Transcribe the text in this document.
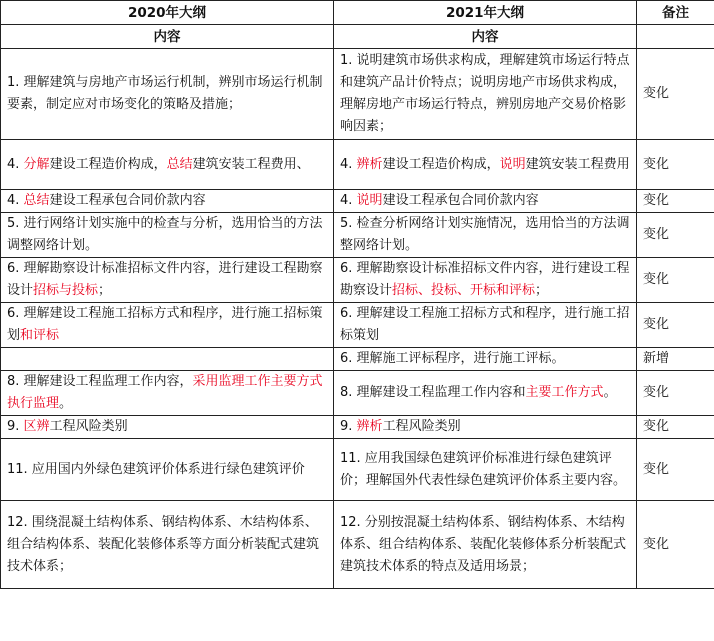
2020年大纲	2021年大纲	备注
内容	内容	
1. 理解建筑与房地产市场运行机制，辨别市场运行机制要素，制定应对市场变化的策略及措施；	1. 说明建筑市场供求构成，理解建筑市场运行特点和建筑产品计价特点；说明房地产市场供求构成，理解房地产市场运行特点，辨别房地产交易价格影响因素；	变化
4. 分解建设工程造价构成，总结建筑安装工程费用、	4. 辨析建设工程造价构成，说明建筑安装工程费用	变化
4. 总结建设工程承包合同价款内容	4. 说明建设工程承包合同价款内容	变化
5. 进行网络计划实施中的检查与分析，选用恰当的方法调整网络计划。	5. 检查分析网络计划实施情况，选用恰当的方法调整网络计划。	变化
6. 理解勘察设计标准招标文件内容，进行建设工程勘察设计招标与投标；	6. 理解勘察设计标准招标文件内容，进行建设工程勘察设计招标、投标、开标和评标；	变化
6. 理解建设工程施工招标方式和程序，进行施工招标策划和评标	6. 理解建设工程施工招标方式和程序，进行施工招标策划	变化
	6. 理解施工评标程序，进行施工评标。	新增
8. 理解建设工程监理工作内容，采用监理工作主要方式执行监理。	8. 理解建设工程监理工作内容和主要工作方式。	变化
9. 区辨工程风险类别	9. 辨析工程风险类别	变化
11. 应用国内外绿色建筑评价体系进行绿色建筑评价	11. 应用我国绿色建筑评价标准进行绿色建筑评价；理解国外代表性绿色建筑评价体系主要内容。	变化
12. 围绕混凝土结构体系、钢结构体系、木结构体系、组合结构体系、装配化装修体系等方面分析装配式建筑技术体系；	12. 分别按混凝土结构体系、钢结构体系、木结构体系、组合结构体系、装配化装修体系分析装配式建筑技术体系的特点及适用场景；	变化
